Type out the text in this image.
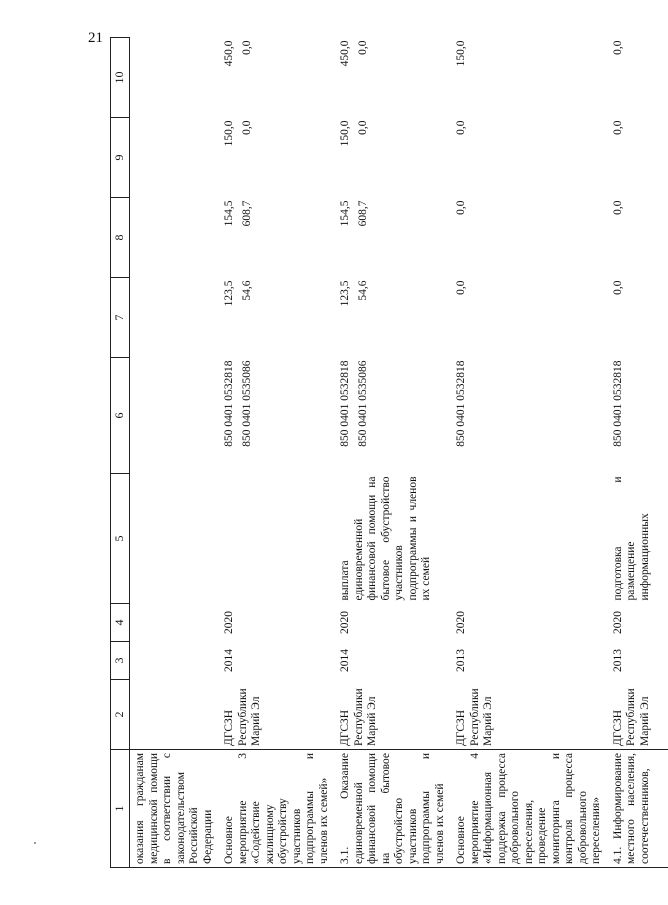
21
1	2	3	4	5	6	7	8	9	10
оказания гражданам медицинской помощи в соответствии с законодательством Российской Федерации									
Основное мероприятие 3 «Содействие жилищному обустройству участников подпрограммы и членов их семей»	ДГСЗН Республики Марий Эл	2014	2020		850 0401 0532818 850 0401 0535086	123,5 54,6	154,5 608,7	150,0 0,0	450,0 0,0

3.1. Оказание единовременной финансовой помощи на бытовое обустройство участников подпрограммы и членов их семей	ДГСЗН Республики Марий Эл	2014	2020	выплата единовременной финансовой помощи на бытовое обустройство участников подпрограммы и членов их семей	850 0401 0532818 850 0401 0535086	123,5 54,6	154,5 608,7	150,0 0,0	450,0 0,0

Основное мероприятие 4 «Информационная поддержка процесса добровольного переселения, проведение мониторинга и контроля процесса добровольного переселения»	ДГСЗН Республики Марий Эл	2013	2020		850 0401 0532818	0,0	0,0	0,0	150,0

4.1. Информирование местного населения, соотечественников,	ДГСЗН Республики Марий Эл	2013	2020	подготовка и размещение информационных	850 0401 0532818	0,0	0,0	0,0	0,0
